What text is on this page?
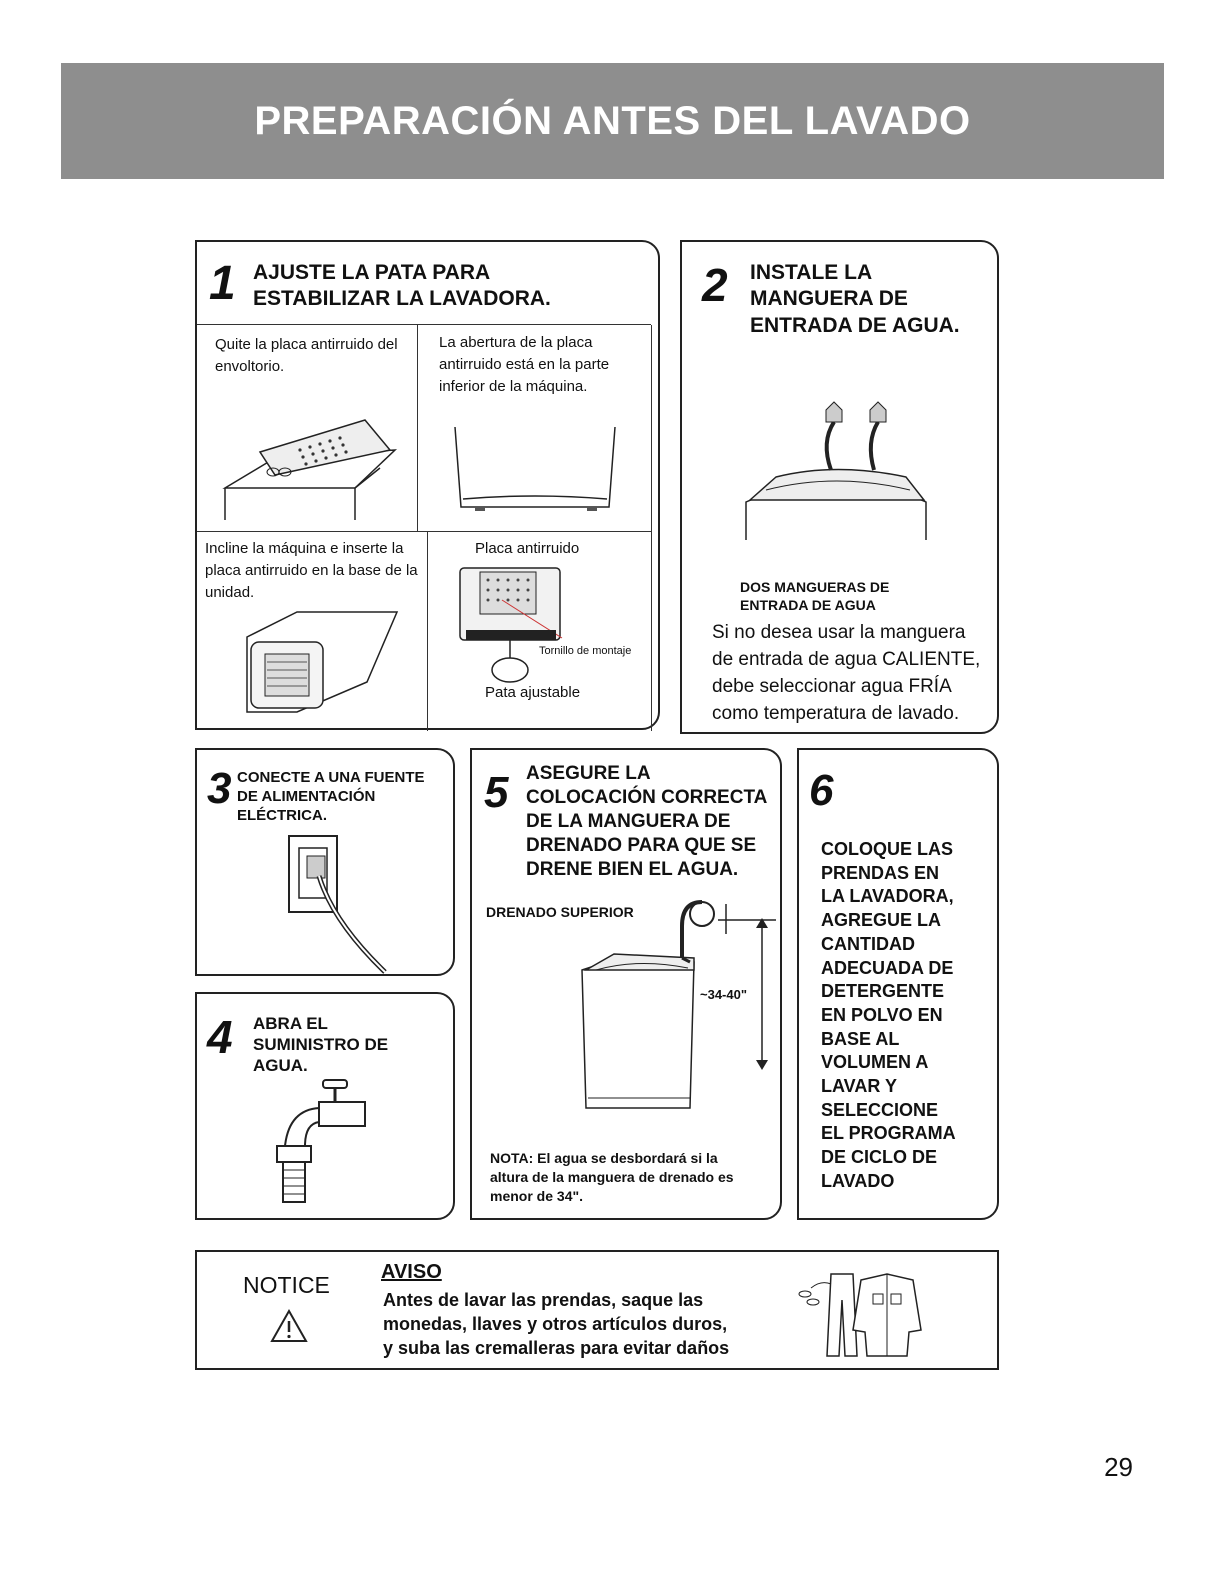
PREPARACIÓN ANTES DEL LAVADO
1 AJUSTE LA PATA PARA
ESTABILIZAR LA LAVADORA.
Quite la placa antirruido del envoltorio.
La abertura de la placa antirruido está en la parte inferior de la máquina.
Incline la máquina e inserte la placa antirruido en la base de la unidad.
Placa antirruido
Tornillo de montaje
Pata ajustable
2 INSTALE LA
MANGUERA DE
ENTRADA DE AGUA.
DOS MANGUERAS DE
ENTRADA DE AGUA
Si no desea usar la manguera
de entrada de agua CALIENTE,
debe seleccionar agua FRÍA
como temperatura de lavado.
3 CONECTE A UNA FUENTE
DE ALIMENTACIÓN
ELÉCTRICA.
4 ABRA EL
SUMINISTRO DE
AGUA.
5 ASEGURE LA
COLOCACIÓN CORRECTA
DE LA MANGUERA DE
DRENADO PARA QUE SE
DRENE BIEN EL AGUA.
DRENADO SUPERIOR
~34-40"
NOTA: El agua se desbordará si la
altura de la manguera de drenado es
menor de 34".
6
COLOQUE LAS
PRENDAS EN
LA LAVADORA,
AGREGUE LA
CANTIDAD
ADECUADA DE
DETERGENTE
EN POLVO EN
BASE AL
VOLUMEN A
LAVAR Y
SELECCIONE
EL PROGRAMA
DE CICLO DE
LAVADO
NOTICE	AVISO
Antes de lavar las prendas, saque las
monedas, llaves y otros artículos duros,
y suba las cremalleras para evitar daños
29
